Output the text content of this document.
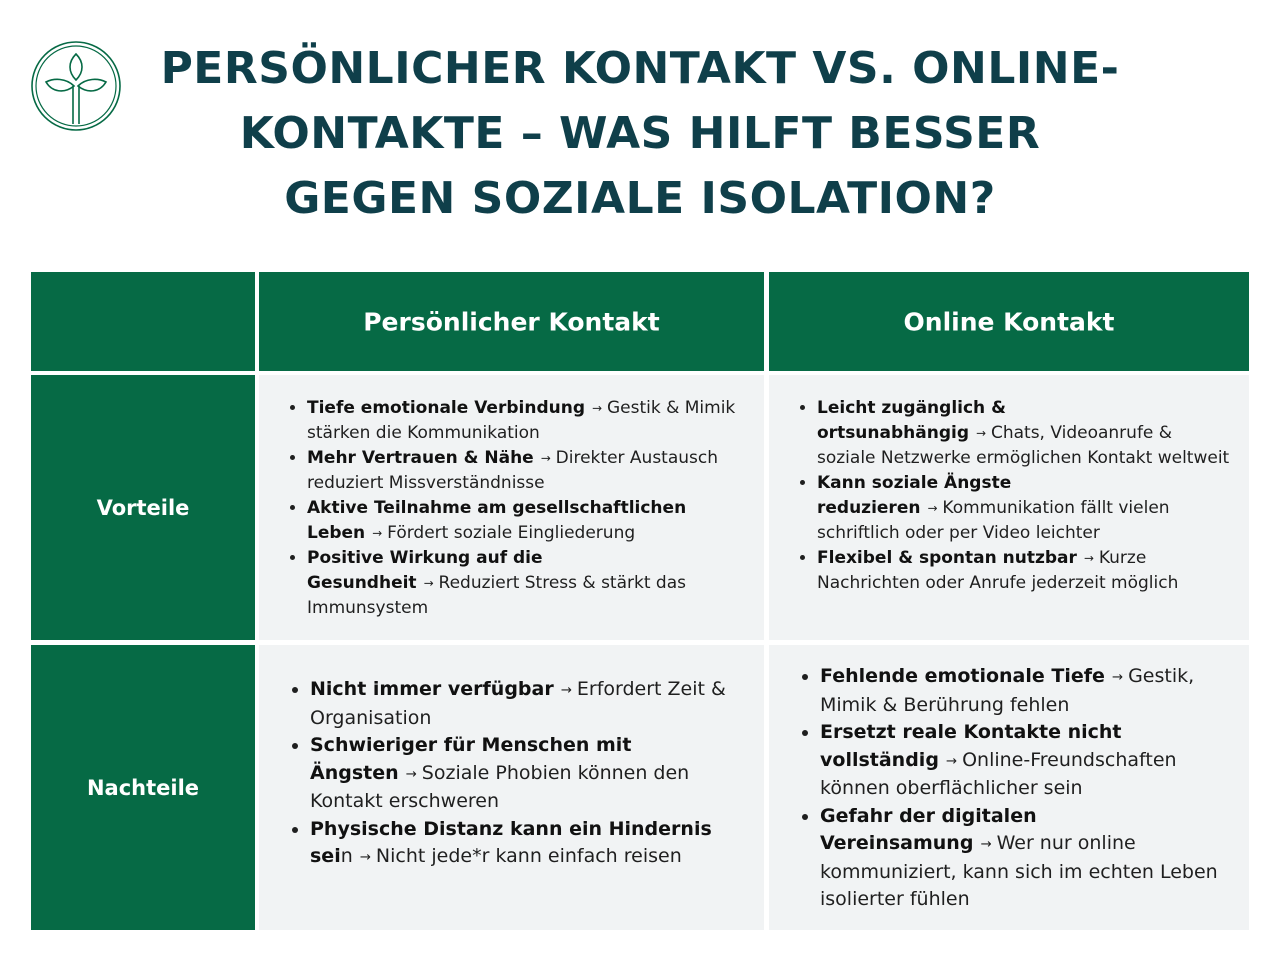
PERSÖNLICHER KONTAKT VS. ONLINE-
KONTAKTE – WAS HILFT BESSER
GEGEN SOZIALE ISOLATION?
Persönlicher Kontakt	Online Kontakt
Vorteile
• Tiefe emotionale Verbindung → Gestik & Mimik stärken die Kommunikation
• Mehr Vertrauen & Nähe → Direkter Austausch reduziert Missverständnisse
• Aktive Teilnahme am gesellschaftlichen Leben → Fördert soziale Eingliederung
• Positive Wirkung auf die Gesundheit → Reduziert Stress & stärkt das Immunsystem
• Leicht zugänglich & ortsunabhängig → Chats, Videoanrufe & soziale Netzwerke ermöglichen Kontakt weltweit
• Kann soziale Ängste reduzieren → Kommunikation fällt vielen schriftlich oder per Video leichter
• Flexibel & spontan nutzbar → Kurze Nachrichten oder Anrufe jederzeit möglich
Nachteile
• Nicht immer verfügbar → Erfordert Zeit & Organisation
• Schwieriger für Menschen mit Ängsten → Soziale Phobien können den Kontakt erschweren
• Physische Distanz kann ein Hindernis sein → Nicht jede*r kann einfach reisen
• Fehlende emotionale Tiefe → Gestik, Mimik & Berührung fehlen
• Ersetzt reale Kontakte nicht vollständig → Online-Freundschaften können oberflächlicher sein
• Gefahr der digitalen Vereinsamung → Wer nur online kommuniziert, kann sich im echten Leben isolierter fühlen
